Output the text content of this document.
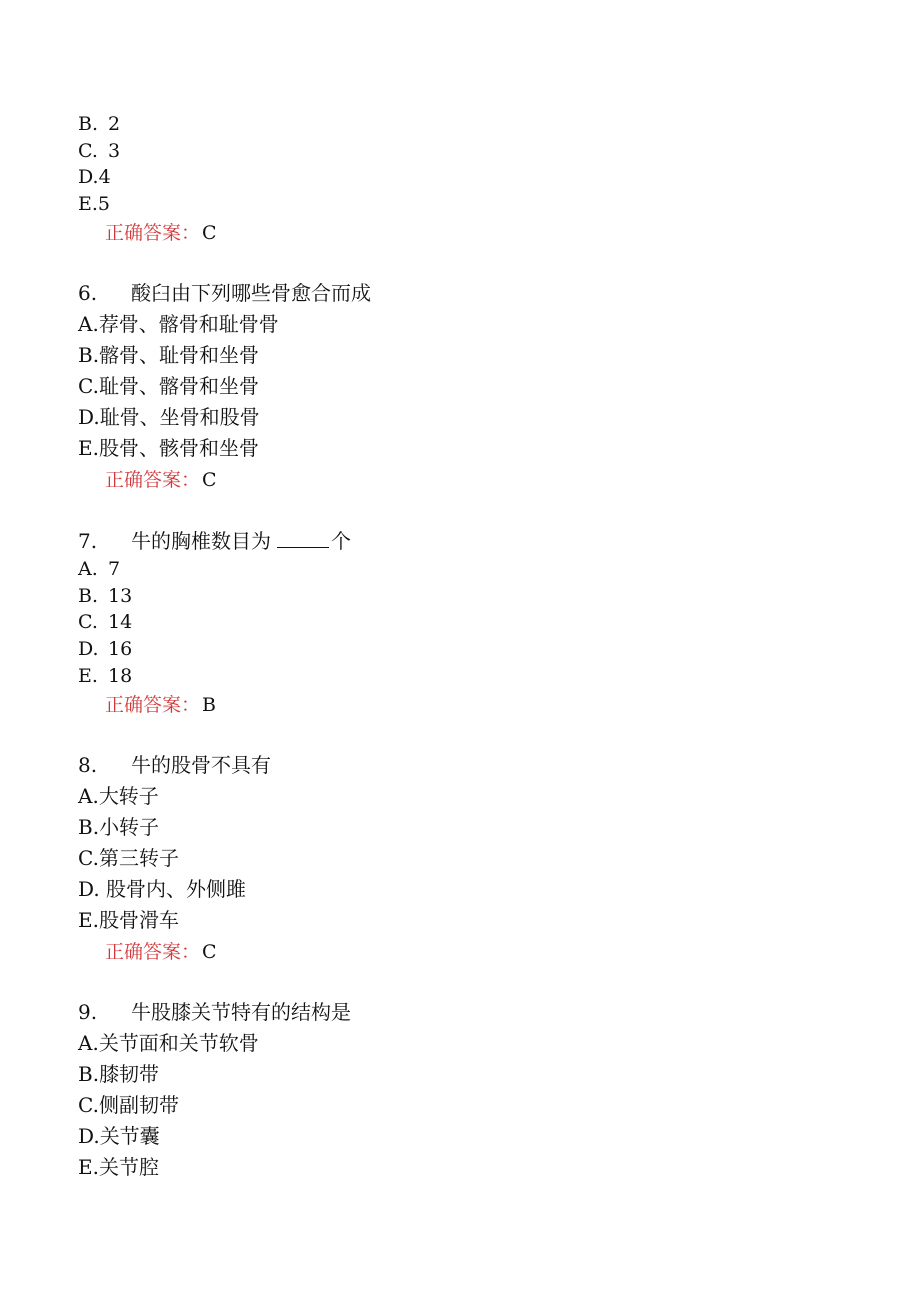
B. 2
C. 3
D.4
E.5
正确答案： C
6. 酸臼由下列哪些骨愈合而成
A.荐骨、髂骨和耻骨骨
B.髂骨、耻骨和坐骨
C.耻骨、髂骨和坐骨
D.耻骨、坐骨和股骨
E.股骨、骸骨和坐骨
正确答案： C
7. 牛的胸椎数目为	个
A. 7
B. 13
C. 14
D. 16
E. 18
正确答案： B
8. 牛的股骨不具有
A.大转子
B.小转子
C.第三转子
D. 股骨内、外侧雎
E.股骨滑车
正确答案： C
9. 牛股膝关节特有的结构是
A.关节面和关节软骨
B.膝韧带
C.侧副韧带
D.关节囊
E.关节腔
